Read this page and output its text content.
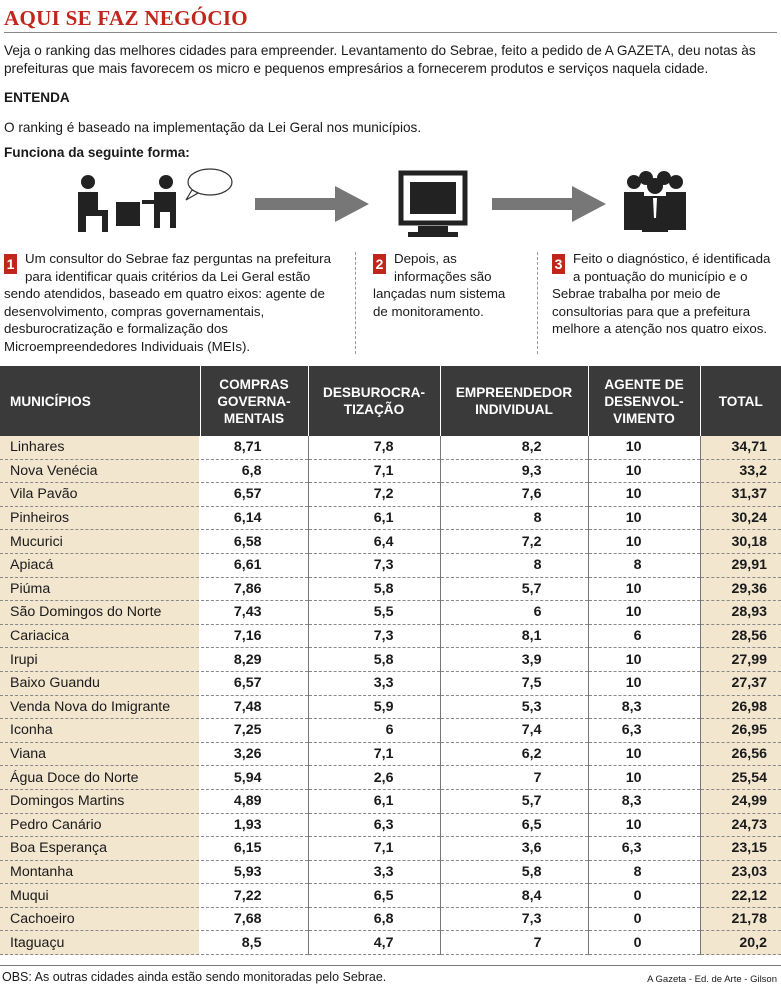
AQUI SE FAZ NEGÓCIO
Veja o ranking das melhores cidades para empreender. Levantamento do Sebrae, feito a pedido de A GAZETA, deu notas às prefeituras que mais favorecem os micro e pequenos empresários a fornecerem produtos e serviços naquela cidade.
ENTENDA
O ranking é baseado na implementação da Lei Geral nos municípios.
Funciona da seguinte forma:
1 Um consultor do Sebrae faz perguntas na prefeitura para identificar quais critérios da Lei Geral estão sendo atendidos, baseado em quatro eixos: agente de desenvolvimento, compras governamentais, desburocratização e formalização dos Microempreendedores Individuais (MEIs).
2 Depois, as informações são lançadas num sistema de monitoramento.
3 Feito o diagnóstico, é identificada a pontuação do município e o Sebrae trabalha por meio de consultorias para que a prefeitura melhore a atenção nos quatro eixos.
MUNICÍPIOS	COMPRAS GOVERNA-MENTAIS	DESBUROCRA-TIZAÇÃO	EMPREENDEDOR INDIVIDUAL	AGENTE DE DESENVOL-VIMENTO	TOTAL
Linhares	8,71	7,8	8,2	10	34,71
Nova Venécia	6,8	7,1	9,3	10	33,2
Vila Pavão	6,57	7,2	7,6	10	31,37
Pinheiros	6,14	6,1	8	10	30,24
Mucurici	6,58	6,4	7,2	10	30,18
Apiacá	6,61	7,3	8	8	29,91
Piúma	7,86	5,8	5,7	10	29,36
São Domingos do Norte	7,43	5,5	6	10	28,93
Cariacica	7,16	7,3	8,1	6	28,56
Irupi	8,29	5,8	3,9	10	27,99
Baixo Guandu	6,57	3,3	7,5	10	27,37
Venda Nova do Imigrante	7,48	5,9	5,3	8,3	26,98
Iconha	7,25	6	7,4	6,3	26,95
Viana	3,26	7,1	6,2	10	26,56
Água Doce do Norte	5,94	2,6	7	10	25,54
Domingos Martins	4,89	6,1	5,7	8,3	24,99
Pedro Canário	1,93	6,3	6,5	10	24,73
Boa Esperança	6,15	7,1	3,6	6,3	23,15
Montanha	5,93	3,3	5,8	8	23,03
Muqui	7,22	6,5	8,4	0	22,12
Cachoeiro	7,68	6,8	7,3	0	21,78
Itaguaçu	8,5	4,7	7	0	20,2
OBS: As outras cidades ainda estão sendo monitoradas pelo Sebrae.	A Gazeta - Ed. de Arte - Gilson
